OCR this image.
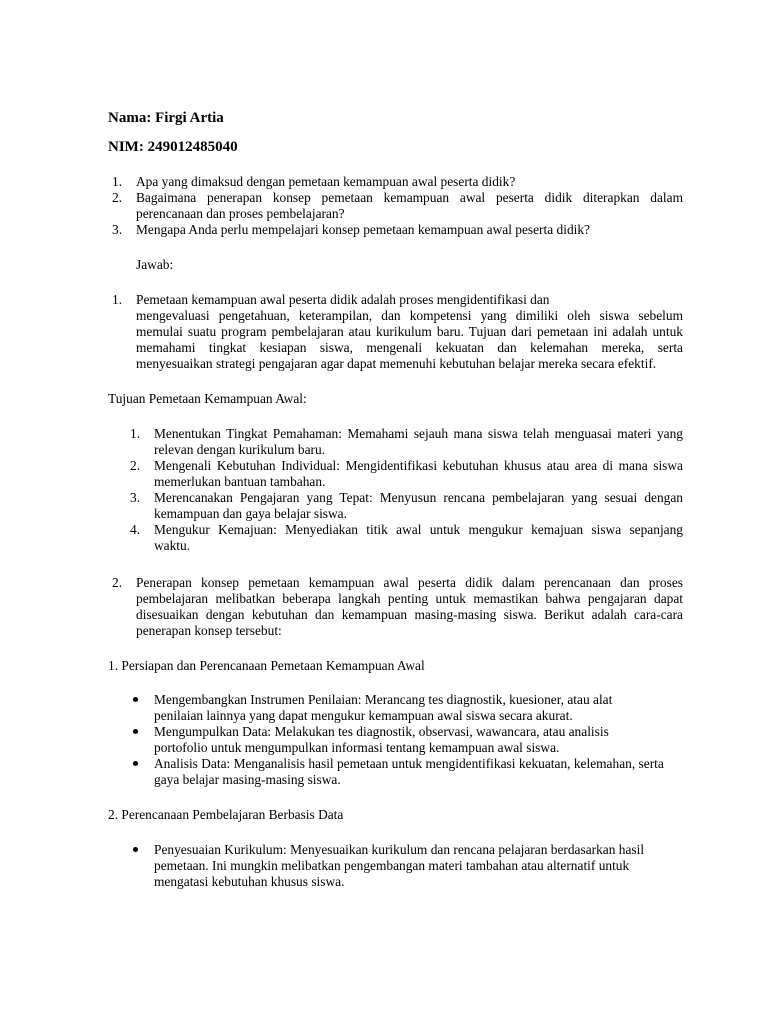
Nama: Firgi Artia
NIM: 249012485040
1. Apa yang dimaksud dengan pemetaan kemampuan awal peserta didik?
2. Bagaimana penerapan konsep pemetaan kemampuan awal peserta didik diterapkan dalam
perencanaan dan proses pembelajaran?
3. Mengapa Anda perlu mempelajari konsep pemetaan kemampuan awal peserta didik?
Jawab:
1. Pemetaan kemampuan awal peserta didik adalah proses mengidentifikasi dan
mengevaluasi pengetahuan, keterampilan, dan kompetensi yang dimiliki oleh siswa sebelum
memulai suatu program pembelajaran atau kurikulum baru. Tujuan dari pemetaan ini adalah untuk
memahami tingkat kesiapan siswa, mengenali kekuatan dan kelemahan mereka, serta
menyesuaikan strategi pengajaran agar dapat memenuhi kebutuhan belajar mereka secara efektif.
Tujuan Pemetaan Kemampuan Awal:
1. Menentukan Tingkat Pemahaman: Memahami sejauh mana siswa telah menguasai materi yang
relevan dengan kurikulum baru.
2. Mengenali Kebutuhan Individual: Mengidentifikasi kebutuhan khusus atau area di mana siswa
memerlukan bantuan tambahan.
3. Merencanakan Pengajaran yang Tepat: Menyusun rencana pembelajaran yang sesuai dengan
kemampuan dan gaya belajar siswa.
4. Mengukur Kemajuan: Menyediakan titik awal untuk mengukur kemajuan siswa sepanjang
waktu.
2. Penerapan konsep pemetaan kemampuan awal peserta didik dalam perencanaan dan proses
pembelajaran melibatkan beberapa langkah penting untuk memastikan bahwa pengajaran dapat
disesuaikan dengan kebutuhan dan kemampuan masing-masing siswa. Berikut adalah cara-cara
penerapan konsep tersebut:
1. Persiapan dan Perencanaan Pemetaan Kemampuan Awal
Mengembangkan Instrumen Penilaian: Merancang tes diagnostik, kuesioner, atau alat
penilaian lainnya yang dapat mengukur kemampuan awal siswa secara akurat.
Mengumpulkan Data: Melakukan tes diagnostik, observasi, wawancara, atau analisis
portofolio untuk mengumpulkan informasi tentang kemampuan awal siswa.
Analisis Data: Menganalisis hasil pemetaan untuk mengidentifikasi kekuatan, kelemahan, serta
gaya belajar masing-masing siswa.
2. Perencanaan Pembelajaran Berbasis Data
Penyesuaian Kurikulum: Menyesuaikan kurikulum dan rencana pelajaran berdasarkan hasil
pemetaan. Ini mungkin melibatkan pengembangan materi tambahan atau alternatif untuk
mengatasi kebutuhan khusus siswa.
